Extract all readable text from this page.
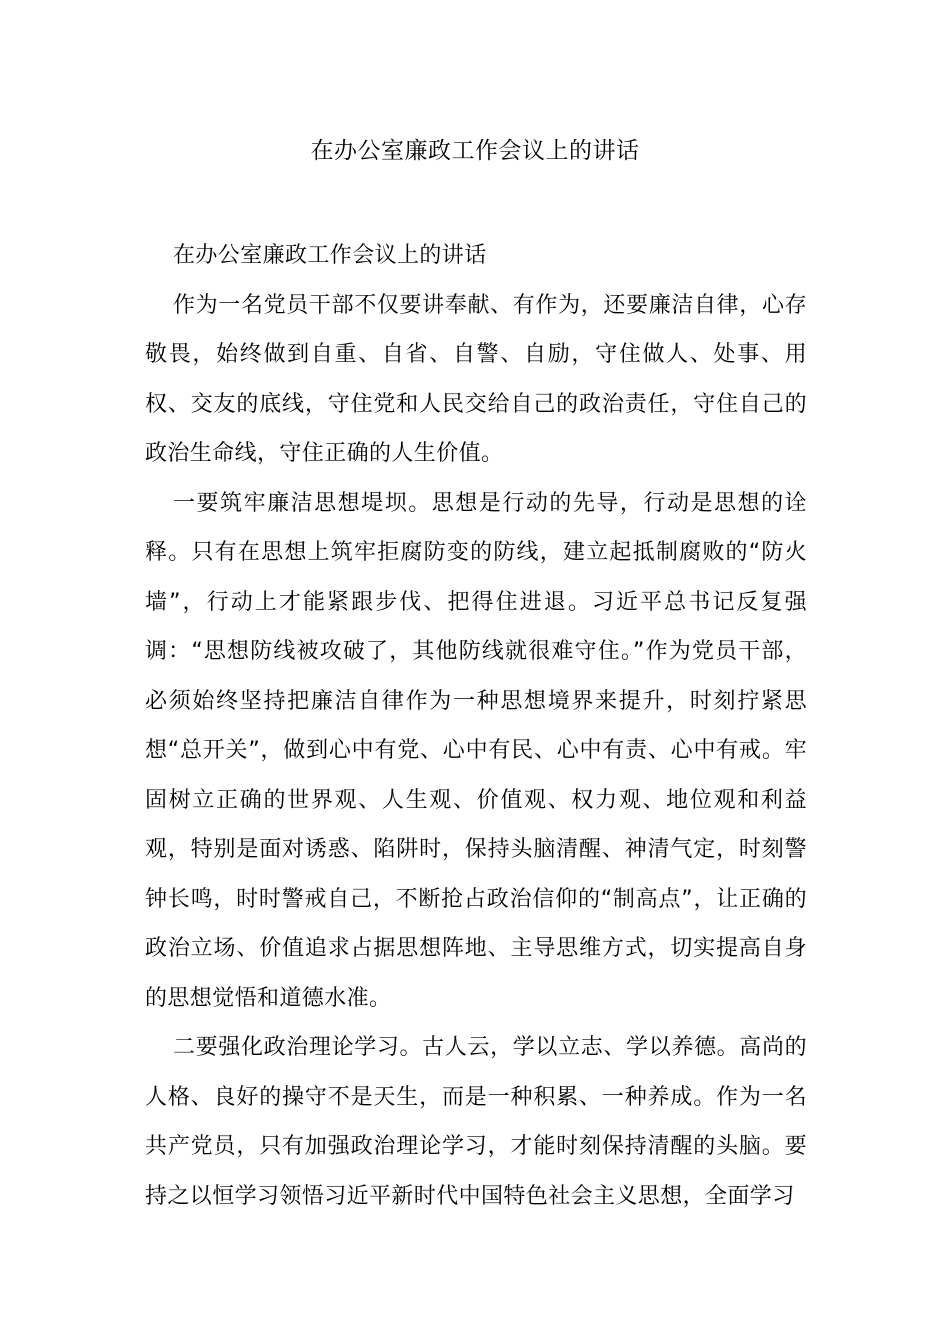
在办公室廉政工作会议上的讲话

在办公室廉政工作会议上的讲话

作为一名党员干部不仅要讲奉献、有作为，还要廉洁自律，心存敬畏，始终做到自重、自省、自警、自励，守住做人、处事、用权、交友的底线，守住党和人民交给自己的政治责任，守住自己的政治生命线，守住正确的人生价值。

一要筑牢廉洁思想堤坝。思想是行动的先导，行动是思想的诠释。只有在思想上筑牢拒腐防变的防线，建立起抵制腐败的“防火墙”，行动上才能紧跟步伐、把得住进退。习近平总书记反复强调：“思想防线被攻破了，其他防线就很难守住。”作为党员干部，必须始终坚持把廉洁自律作为一种思想境界来提升，时刻拧紧思想“总开关”，做到心中有党、心中有民、心中有责、心中有戒。牢固树立正确的世界观、人生观、价值观、权力观、地位观和利益观，特别是面对诱惑、陷阱时，保持头脑清醒、神清气定，时刻警钟长鸣，时时警戒自己，不断抢占政治信仰的“制高点”，让正确的政治立场、价值追求占据思想阵地、主导思维方式，切实提高自身的思想觉悟和道德水准。

二要强化政治理论学习。古人云，学以立志、学以养德。高尚的人格、良好的操守不是天生，而是一种积累、一种养成。作为一名共产党员，只有加强政治理论学习，才能时刻保持清醒的头脑。要持之以恒学习领悟习近平新时代中国特色社会主义思想，全面学习
